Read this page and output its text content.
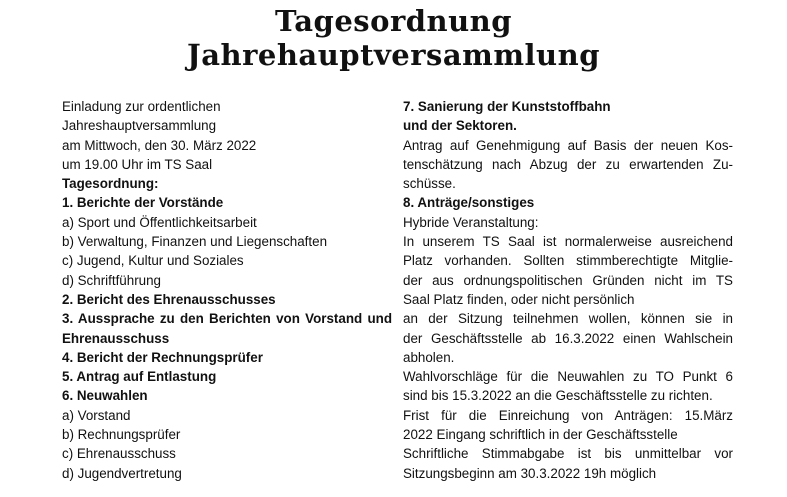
Tagesordnung
Jahrehauptversammlung
Einladung zur ordentlichen
Jahreshauptversammlung
am Mittwoch, den 30. März 2022
um 19.00 Uhr im TS Saal
Tagesordnung:
1. Berichte der Vorstände
a) Sport und Öffentlichkeitsarbeit
b) Verwaltung, Finanzen und Liegenschaften
c) Jugend, Kultur und Soziales
d) Schriftführung
2. Bericht des Ehrenausschusses
3. Aussprache zu den Berichten von Vorstand und
Ehrenausschuss
4. Bericht der Rechnungsprüfer
5. Antrag auf Entlastung
6. Neuwahlen
a) Vorstand
b) Rechnungsprüfer
c) Ehrenausschuss
d) Jugendvertretung
7. Sanierung der Kunststoffbahn
und der Sektoren.
Antrag auf Genehmigung auf Basis der neuen Kos-
tenschätzung nach Abzug der zu erwartenden Zu-
schüsse.
8. Anträge/sonstiges
Hybride Veranstaltung:
In unserem TS Saal ist normalerweise ausreichend
Platz vorhanden. Sollten stimmberechtigte Mitglie-
der aus ordnungspolitischen Gründen nicht im TS
Saal Platz finden, oder nicht persönlich
an der Sitzung teilnehmen wollen, können sie in
der Geschäftsstelle ab 16.3.2022 einen Wahlschein
abholen.
Wahlvorschläge für die Neuwahlen zu TO Punkt 6
sind bis 15.3.2022 an die Geschäftsstelle zu richten.
Frist für die Einreichung von Anträgen: 15.März
2022 Eingang schriftlich in der Geschäftsstelle
Schriftliche Stimmabgabe ist bis unmittelbar vor
Sitzungsbeginn am 30.3.2022 19h möglich
